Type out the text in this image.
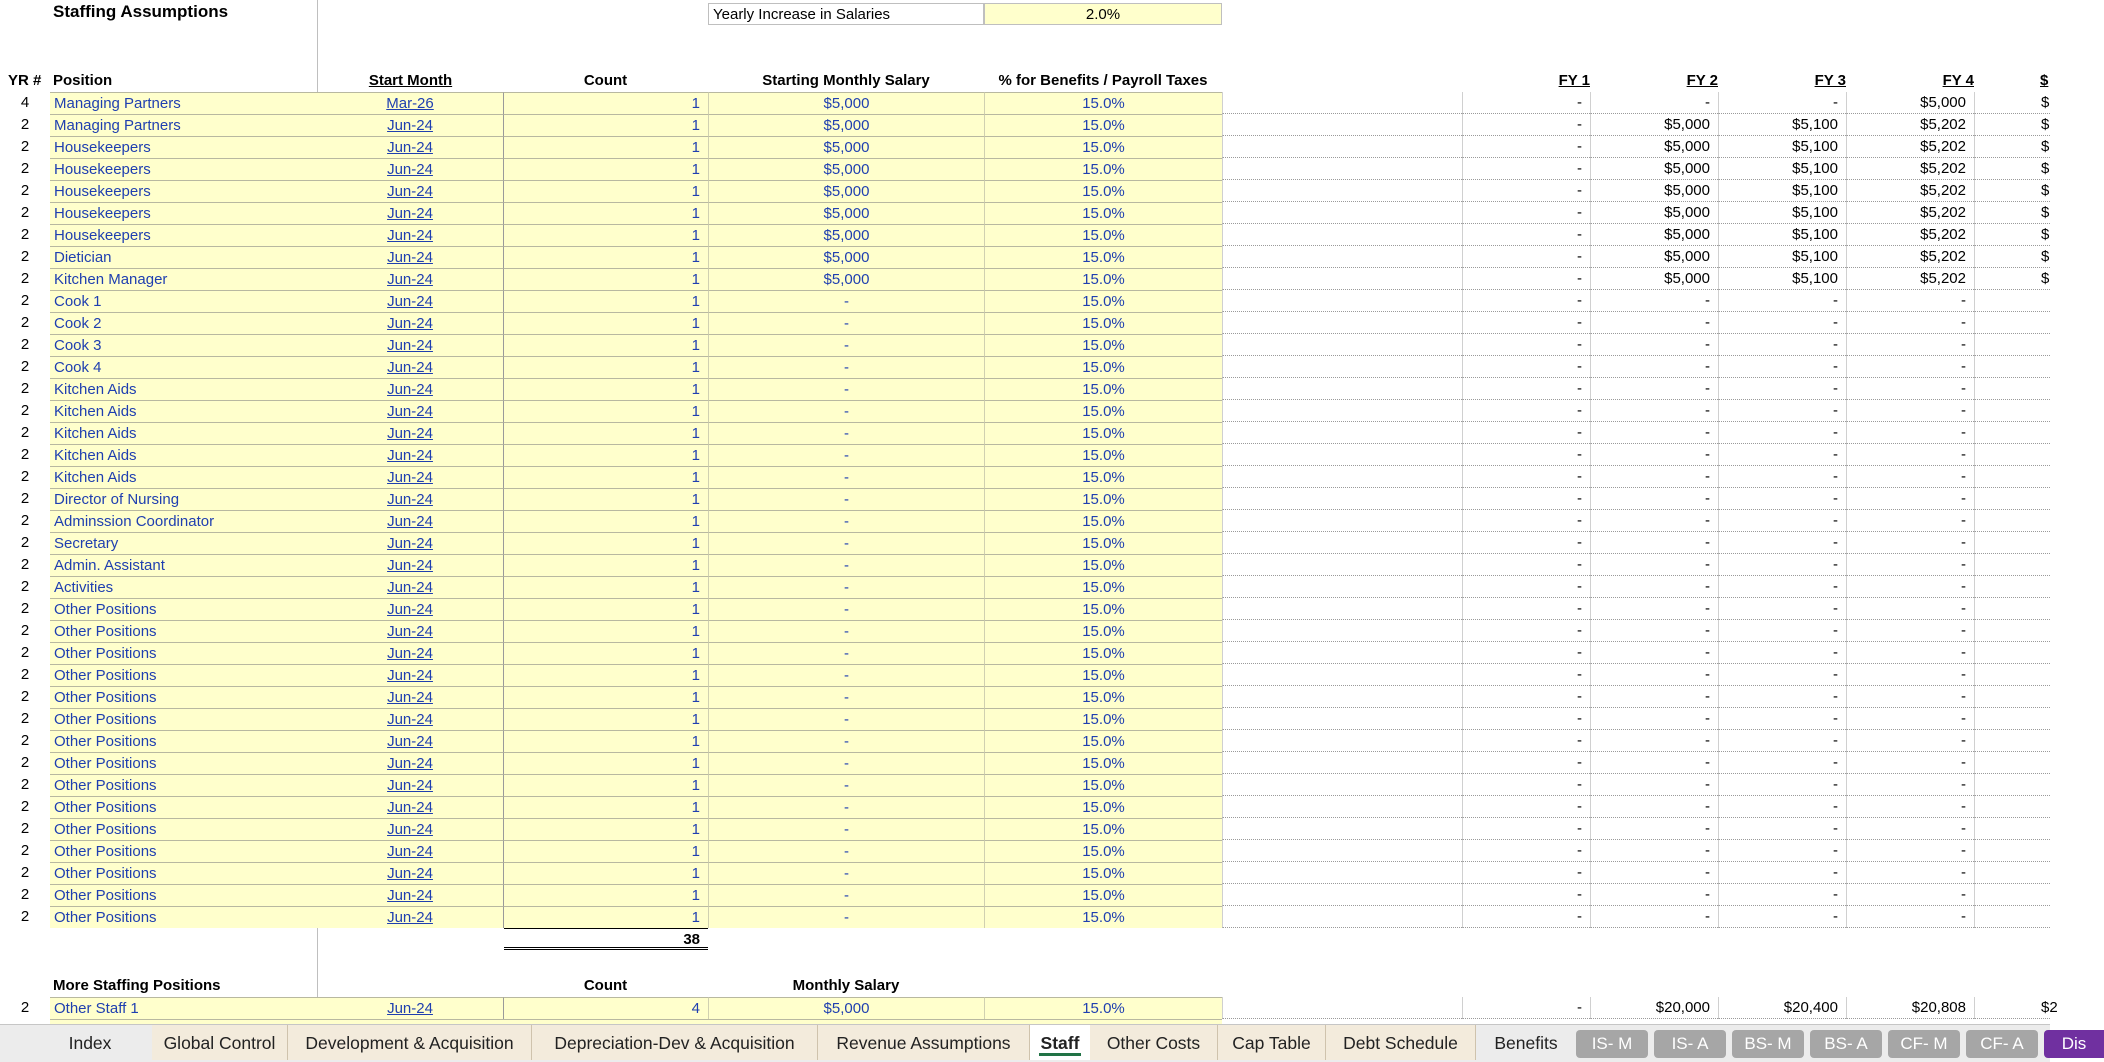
Staffing Assumptions	Yearly Increase in Salaries	2.0%
YR # Position	Start Month	Count	Starting Monthly Salary	% for Benefits / Payroll Taxes	FY 1	FY 2	FY 3	FY 4	$
4	Managing Partners	Mar-26	1	$5,000	15.0%	-	-	-	$5,000	$
2	Managing Partners	Jun-24	1	$5,000	15.0%	-	$5,000	$5,100	$5,202	$
2	Housekeepers	Jun-24	1	$5,000	15.0%	-	$5,000	$5,100	$5,202	$
2	Housekeepers	Jun-24	1	$5,000	15.0%	-	$5,000	$5,100	$5,202	$
2	Housekeepers	Jun-24	1	$5,000	15.0%	-	$5,000	$5,100	$5,202	$
2	Housekeepers	Jun-24	1	$5,000	15.0%	-	$5,000	$5,100	$5,202	$
2	Housekeepers	Jun-24	1	$5,000	15.0%	-	$5,000	$5,100	$5,202	$
2	Dietician	Jun-24	1	$5,000	15.0%	-	$5,000	$5,100	$5,202	$
2	Kitchen Manager	Jun-24	1	$5,000	15.0%	-	$5,000	$5,100	$5,202	$
2	Cook 1	Jun-24	1	-	15.0%	-	-	-	-
2	Cook 2	Jun-24	1	-	15.0%	-	-	-	-
2	Cook 3	Jun-24	1	-	15.0%	-	-	-	-
2	Cook 4	Jun-24	1	-	15.0%	-	-	-	-
2	Kitchen Aids	Jun-24	1	-	15.0%	-	-	-	-
2	Kitchen Aids	Jun-24	1	-	15.0%	-	-	-	-
2	Kitchen Aids	Jun-24	1	-	15.0%	-	-	-	-
2	Kitchen Aids	Jun-24	1	-	15.0%	-	-	-	-
2	Kitchen Aids	Jun-24	1	-	15.0%	-	-	-	-
2	Director of Nursing	Jun-24	1	-	15.0%	-	-	-	-
2	Adminssion Coordinator	Jun-24	1	-	15.0%	-	-	-	-
2	Secretary	Jun-24	1	-	15.0%	-	-	-	-
2	Admin. Assistant	Jun-24	1	-	15.0%	-	-	-	-
2	Activities	Jun-24	1	-	15.0%	-	-	-	-
2	Other Positions	Jun-24	1	-	15.0%	-	-	-	-
2	Other Positions	Jun-24	1	-	15.0%	-	-	-	-
2	Other Positions	Jun-24	1	-	15.0%	-	-	-	-
2	Other Positions	Jun-24	1	-	15.0%	-	-	-	-
2	Other Positions	Jun-24	1	-	15.0%	-	-	-	-
2	Other Positions	Jun-24	1	-	15.0%	-	-	-	-
2	Other Positions	Jun-24	1	-	15.0%	-	-	-	-
2	Other Positions	Jun-24	1	-	15.0%	-	-	-	-
2	Other Positions	Jun-24	1	-	15.0%	-	-	-	-
2	Other Positions	Jun-24	1	-	15.0%	-	-	-	-
2	Other Positions	Jun-24	1	-	15.0%	-	-	-	-
2	Other Positions	Jun-24	1	-	15.0%	-	-	-	-
2	Other Positions	Jun-24	1	-	15.0%	-	-	-	-
2	Other Positions	Jun-24	1	-	15.0%	-	-	-	-
2	Other Positions	Jun-24	1	-	15.0%	-	-	-	-
38
More Staffing Positions	Count	Monthly Salary
2	Other Staff 1	Jun-24	4	$5,000	15.0%	-	$20,000	$20,400	$20,808	$2
Index	Global Control	Development & Acquisition	Depreciation-Dev & Acquisition	Revenue Assumptions	Staff	Other Costs	Cap Table	Debt Schedule	Benefits	IS- M	IS- A	BS- M	BS- A	CF- M	CF- A	Dis
